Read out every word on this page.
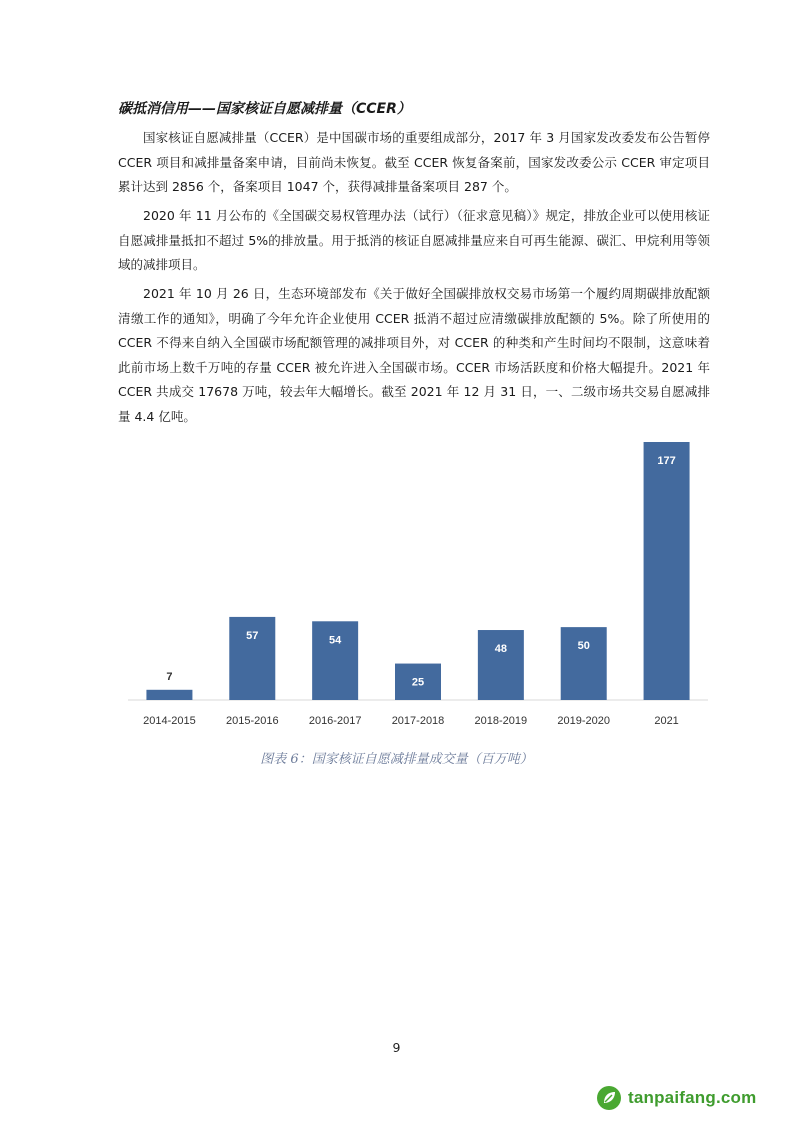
碳抵消信用——国家核证自愿减排量（CCER）

国家核证自愿减排量（CCER）是中国碳市场的重要组成部分，2017 年 3 月国家发改委发布公告暂停 CCER 项目和减排量备案申请，目前尚未恢复。截至 CCER 恢复备案前，国家发改委公示 CCER 审定项目累计达到 2856 个，备案项目 1047 个，获得减排量备案项目 287 个。

2020 年 11 月公布的《全国碳交易权管理办法（试行）（征求意见稿）》规定，排放企业可以使用核证自愿减排量抵扣不超过 5%的排放量。用于抵消的核证自愿减排量应来自可再生能源、碳汇、甲烷利用等领域的减排项目。

2021 年 10 月 26 日，生态环境部发布《关于做好全国碳排放权交易市场第一个履约周期碳排放配额清缴工作的通知》，明确了今年允许企业使用 CCER 抵消不超过应清缴碳排放配额的 5%。除了所使用的 CCER 不得来自纳入全国碳市场配额管理的减排项目外，对 CCER 的种类和产生时间均不限制，这意味着此前市场上数千万吨的存量 CCER 被允许进入全国碳市场。CCER 市场活跃度和价格大幅提升。2021 年 CCER 共成交 17678 万吨，较去年大幅增长。截至 2021 年 12 月 31 日，一、二级市场共交易自愿减排量 4.4 亿吨。

7
2014-2015
57
2015-2016
54
2016-2017
25
2017-2018
48
2018-2019
50
2019-2020
177
2021
图表 6：国家核证自愿减排量成交量（百万吨）
9
tanpaifang.com
